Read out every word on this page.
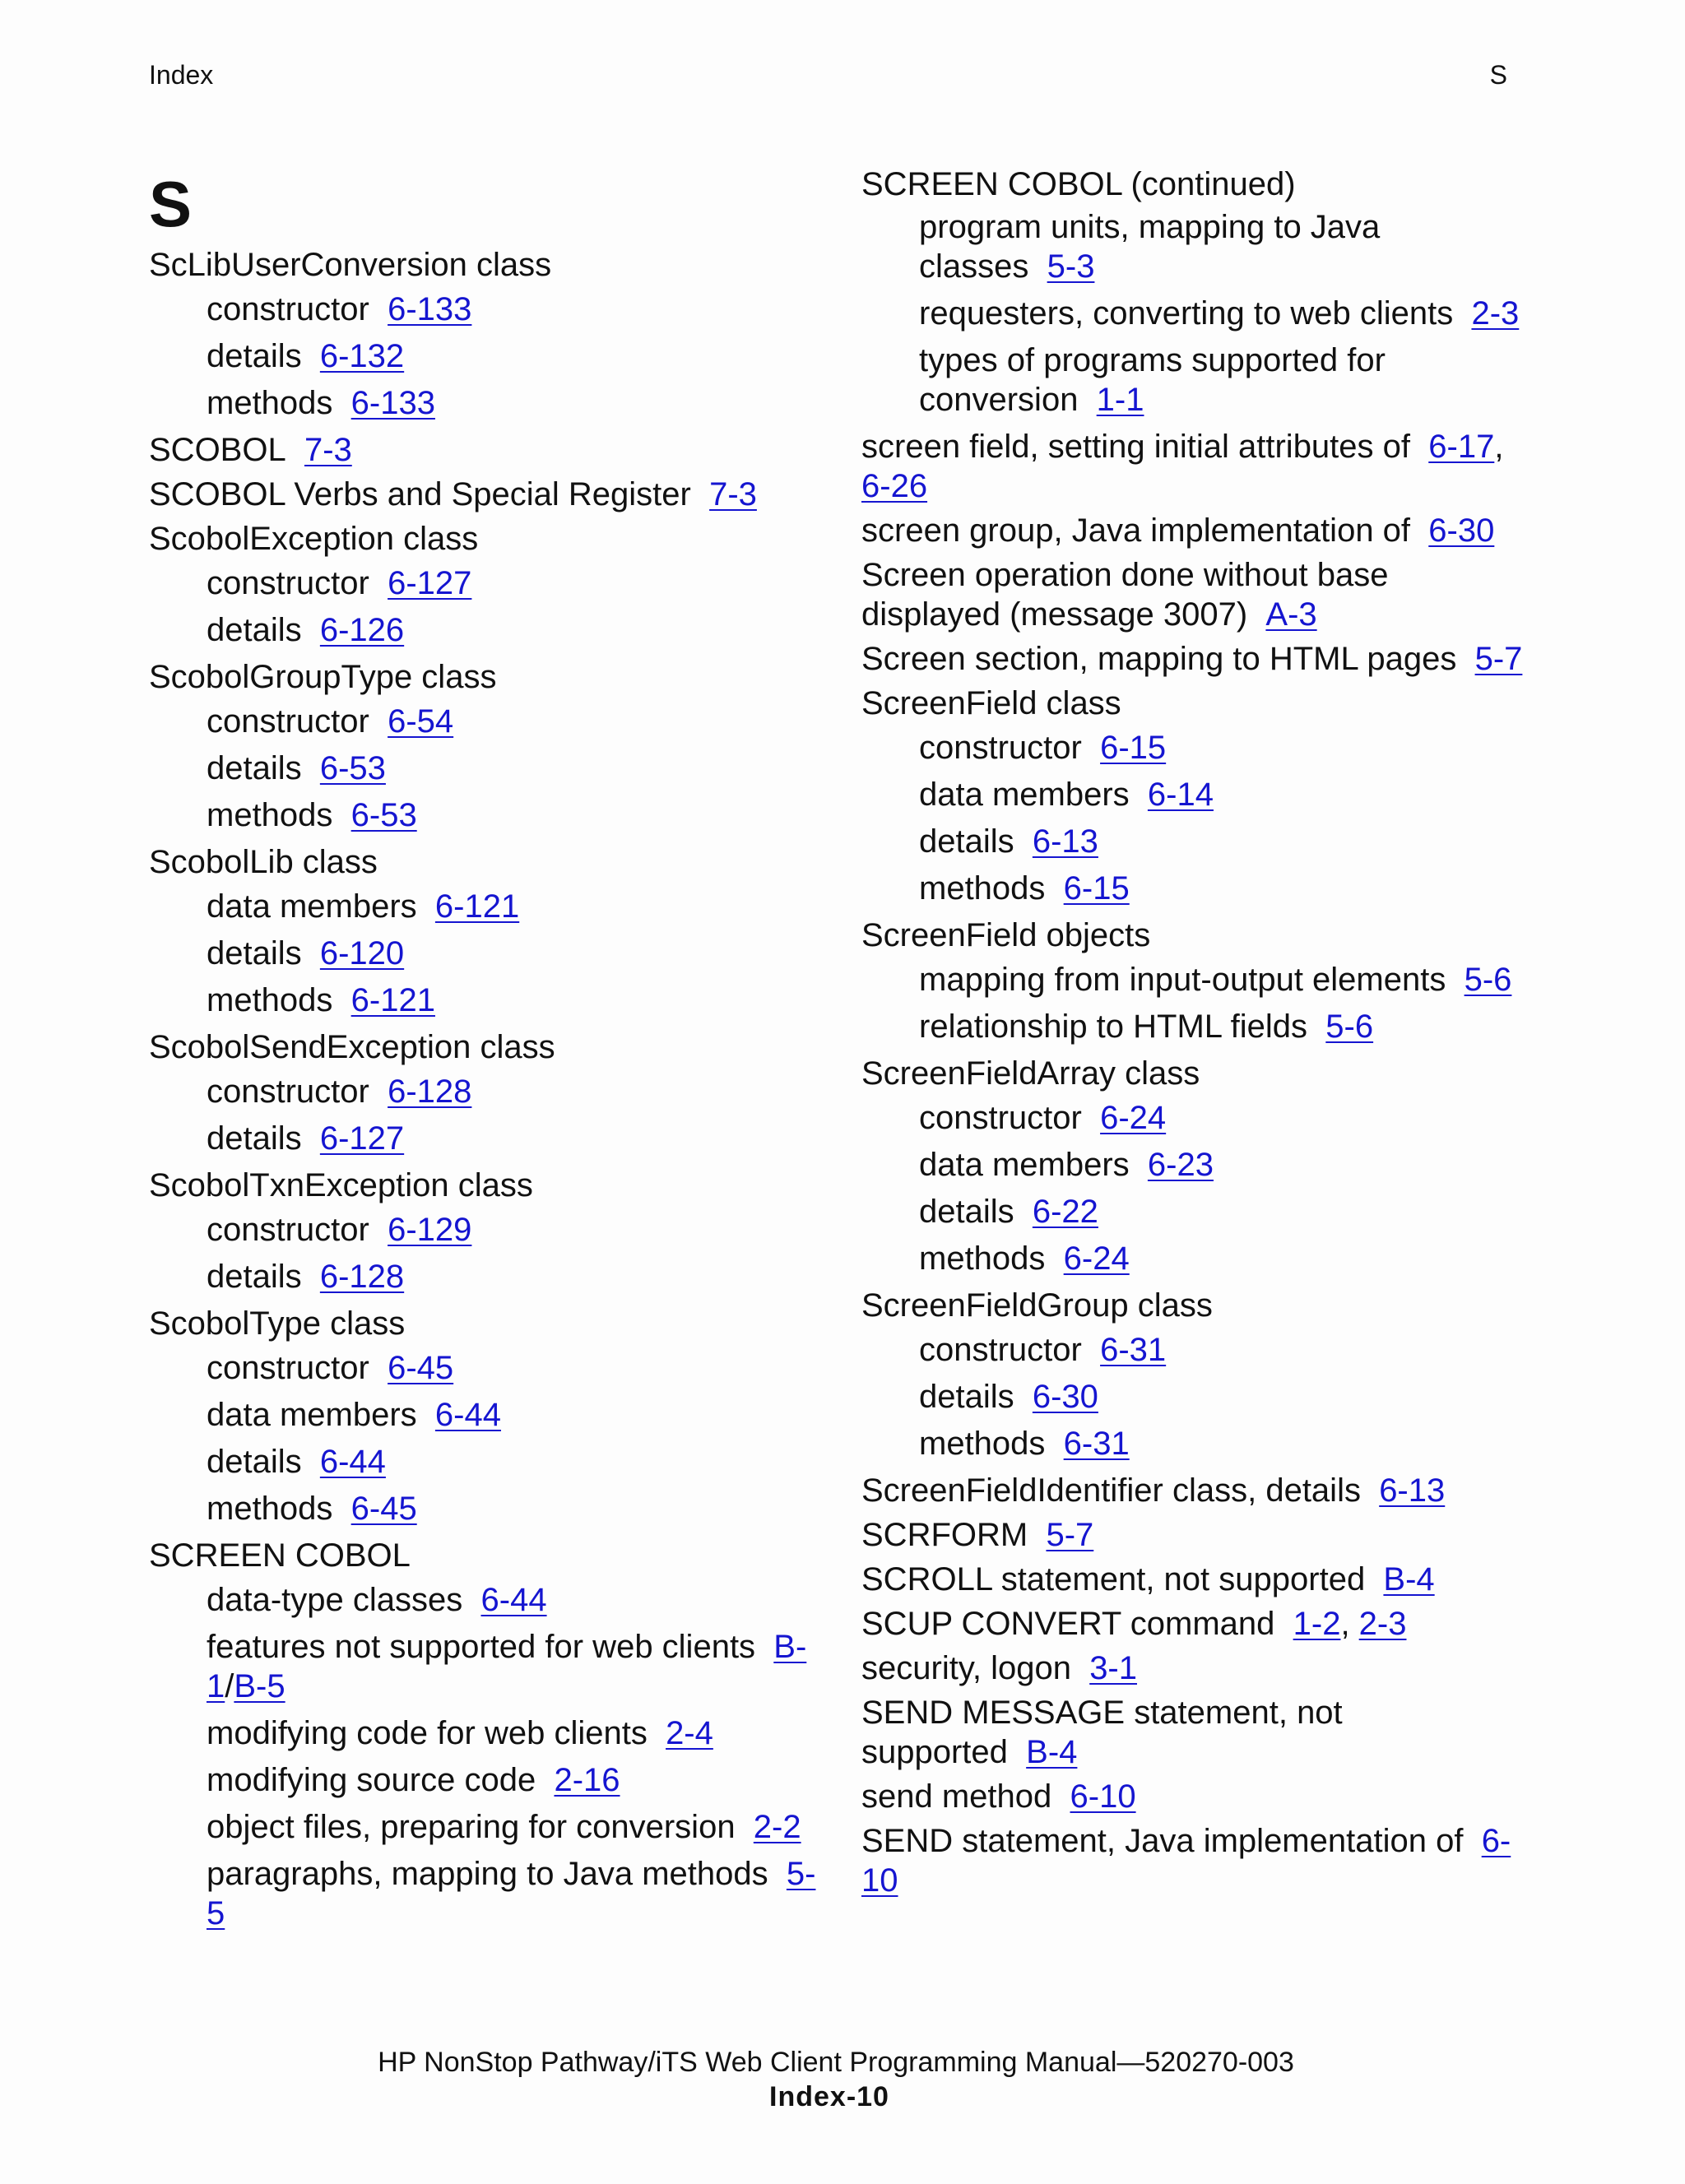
Index	S
S
ScLibUserConversion class
constructor 6-133
details 6-132
methods 6-133
SCOBOL 7-3
SCOBOL Verbs and Special Register 7-3
ScobolException class
constructor 6-127
details 6-126
ScobolGroupType class
constructor 6-54
details 6-53
methods 6-53
ScobolLib class
data members 6-121
details 6-120
methods 6-121
ScobolSendException class
constructor 6-128
details 6-127
ScobolTxnException class
constructor 6-129
details 6-128
ScobolType class
constructor 6-45
data members 6-44
details 6-44
methods 6-45
SCREEN COBOL
data-type classes 6-44
features not supported for web clients B-1/B-5
modifying code for web clients 2-4
modifying source code 2-16
object files, preparing for conversion 2-2
paragraphs, mapping to Java methods 5-5
SCREEN COBOL (continued)
program units, mapping to Java classes 5-3
requesters, converting to web clients 2-3
types of programs supported for conversion 1-1
screen field, setting initial attributes of 6-17, 6-26
screen group, Java implementation of 6-30
Screen operation done without base displayed (message 3007) A-3
Screen section, mapping to HTML pages 5-7
ScreenField class
constructor 6-15
data members 6-14
details 6-13
methods 6-15
ScreenField objects
mapping from input-output elements 5-6
relationship to HTML fields 5-6
ScreenFieldArray class
constructor 6-24
data members 6-23
details 6-22
methods 6-24
ScreenFieldGroup class
constructor 6-31
details 6-30
methods 6-31
ScreenFieldIdentifier class, details 6-13
SCRFORM 5-7
SCROLL statement, not supported B-4
SCUP CONVERT command 1-2, 2-3
security, logon 3-1
SEND MESSAGE statement, not supported B-4
send method 6-10
SEND statement, Java implementation of 6-10
HP NonStop Pathway/iTS Web Client Programming Manual—520270-003
Index-10
